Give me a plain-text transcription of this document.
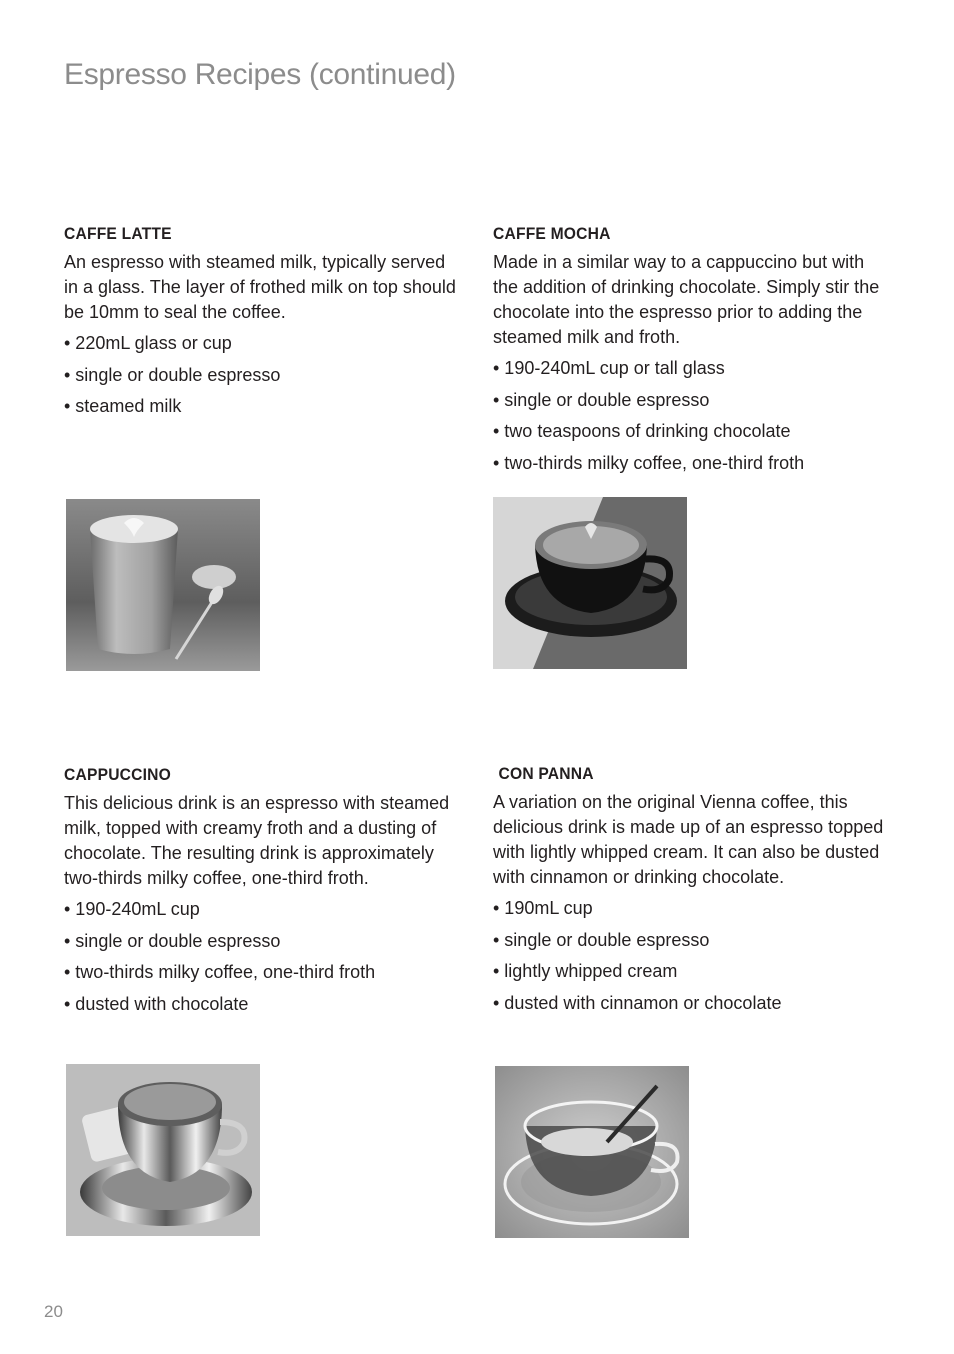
Espresso Recipes (continued)
CAFFE LATTE

An espresso with steamed milk, typically served in a glass. The layer of frothed milk on top should be 10mm to seal the coffee.

• 220mL glass or cup
• single or double espresso
• steamed milk
CAFFE MOCHA

Made in a similar way to a cappuccino but with the addition of drinking chocolate. Simply stir the chocolate into the espresso prior to adding the steamed milk and froth.

• 190-240mL cup or tall glass
• single or double espresso
• two teaspoons of drinking chocolate
• two-thirds milky coffee, one-third froth
CAPPUCCINO

This delicious drink is an espresso with steamed milk, topped with creamy froth and a dusting of chocolate. The resulting drink is approximately two-thirds milky coffee, one-third froth.

• 190-240mL cup
• single or double espresso
• two-thirds milky coffee, one-third froth
• dusted with chocolate
CON PANNA

A variation on the original Vienna coffee, this delicious drink is made up of an espresso topped with lightly whipped cream. It can also be dusted with cinnamon or drinking chocolate.

• 190mL cup
• single or double espresso
• lightly whipped cream
• dusted with cinnamon or chocolate
20
